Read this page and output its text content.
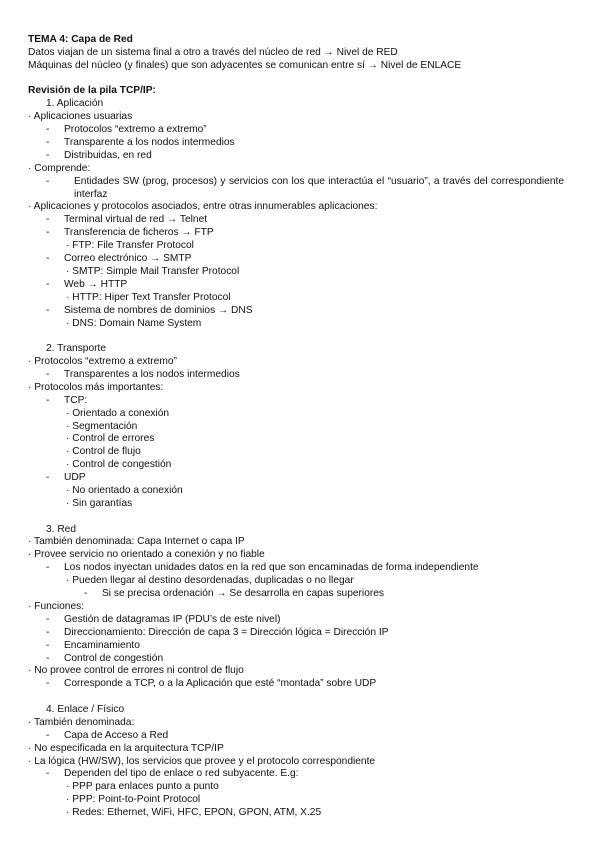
TEMA 4: Capa de Red
Datos viajan de un sistema final a otro a través del núcleo de red → Nivel de RED
Máquinas del núcleo (y finales) que son adyacentes se comunican entre sí → Nivel de ENLACE
Revisión de la pila TCP/IP:
1. Aplicación
· Aplicaciones usuarias
- Protocolos “extremo a extremo”
- Transparente a los nodos intermedios
- Distribuidas, en red
· Comprende:
- Entidades SW (prog, procesos) y servicios con los que interactúa el “usuario”, a través del correspondiente interfaz
· Aplicaciones y protocolos asociados, entre otras innumerables aplicaciones:
- Terminal virtual de red → Telnet
- Transferencia de ficheros → FTP
· FTP: File Transfer Protocol
- Correo electrónico → SMTP
· SMTP: Simple Mail Transfer Protocol
- Web → HTTP
· HTTP: Hiper Text Transfer Protocol
- Sistema de nombres de dominios → DNS
· DNS: Domain Name System
2. Transporte
· Protocolos “extremo a extremo”
- Transparentes a los nodos intermedios
· Protocolos más importantes:
- TCP:
· Orientado a conexión
· Segmentación
· Control de errores
· Control de flujo
· Control de congestión
- UDP
· No orientado a conexión
· Sin garantías
3. Red
· También denominada: Capa Internet o capa IP
· Provee servicio no orientado a conexión y no fiable
- Los nodos inyectan unidades datos en la red que son encaminadas de forma independiente
· Pueden llegar al destino desordenadas, duplicadas o no llegar
- Si se precisa ordenación → Se desarrolla en capas superiores
· Funciones:
- Gestión de datagramas IP (PDU’s de este nivel)
- Direccionamiento: Dirección de capa 3 = Dirección lógica = Dirección IP
- Encaminamiento
- Control de congestión
· No provee control de errores ni control de flujo
- Corresponde a TCP, o a la Aplicación que esté “montada” sobre UDP
4. Enlace / Físico
· También denominada:
- Capa de Acceso a Red
· No especificada en la arquitectura TCP/IP
· La lógica (HW/SW), los servicios que provee y el protocolo correspondiente
- Dependen del tipo de enlace o red subyacente. E.g:
· PPP para enlaces punto a punto
· PPP: Point-to-Point Protocol
· Redes: Ethernet, WiFi, HFC, EPON, GPON, ATM, X.25
